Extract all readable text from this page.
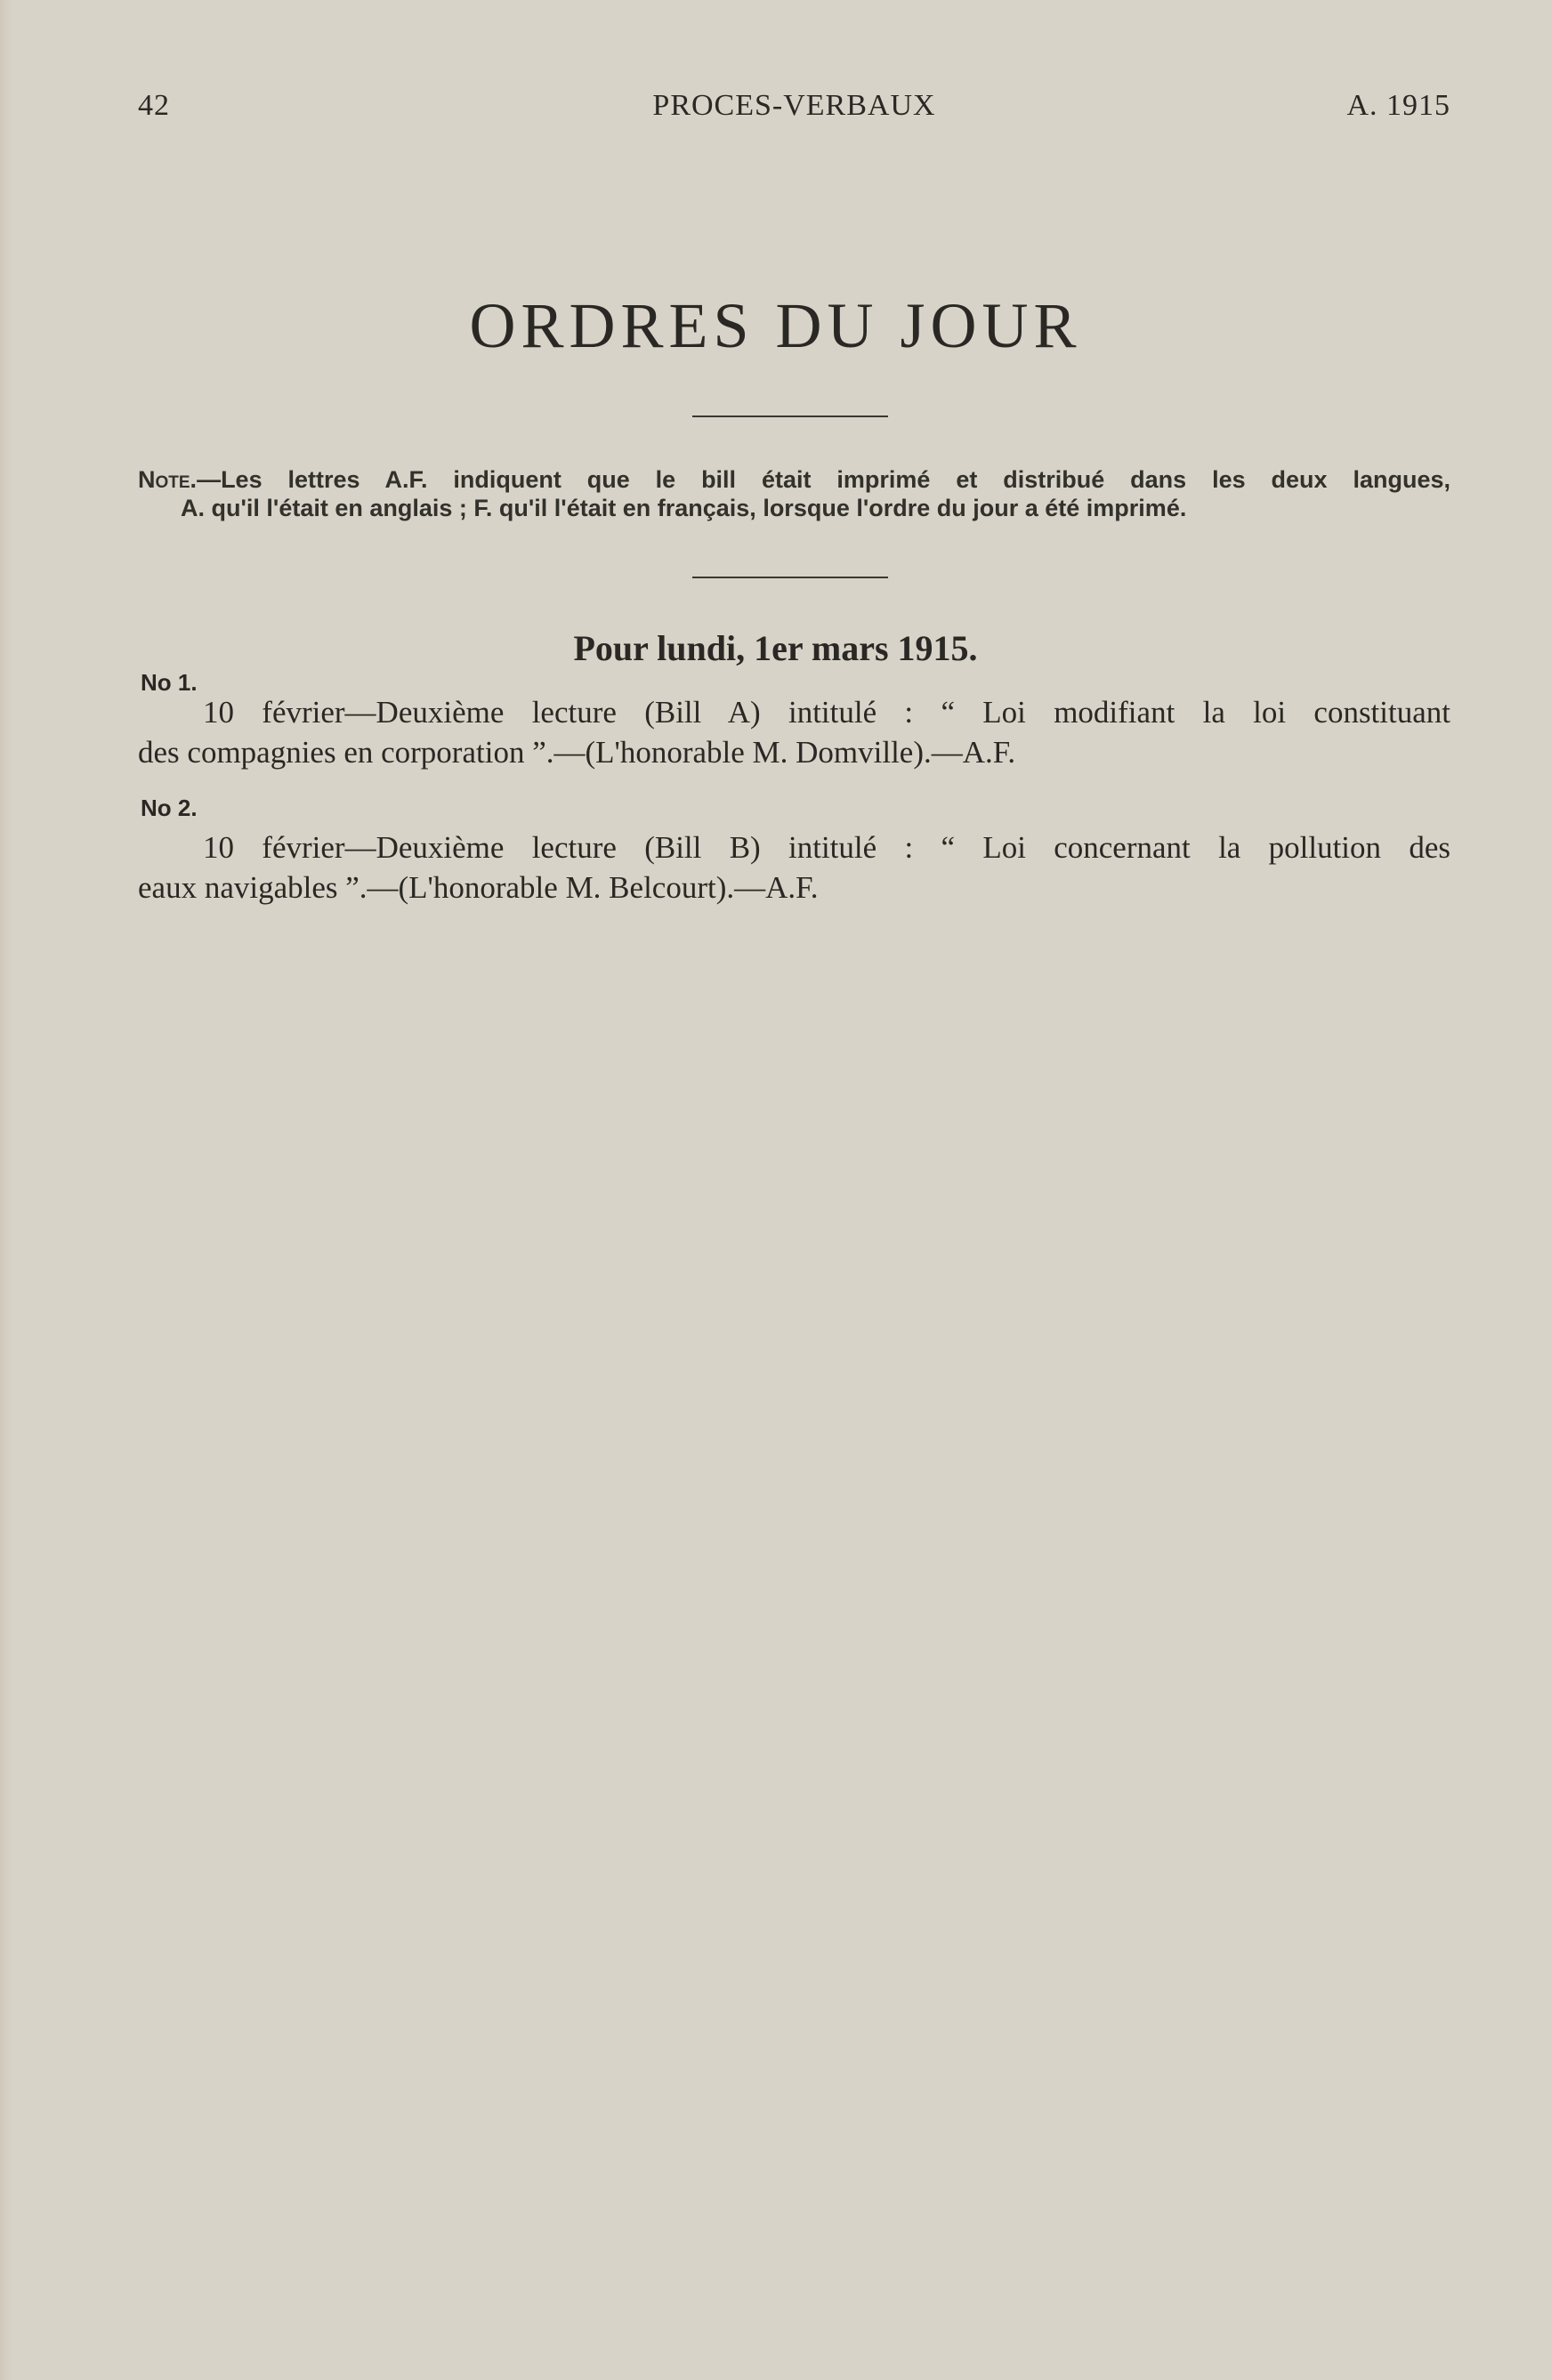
42	PROCES-VERBAUX	A. 1915
ORDRES DU JOUR
Note.—Les lettres A.F. indiquent que le bill était imprimé et distribué dans les deux langues,
A. qu'il l'était en anglais ; F. qu'il l'était en français, lorsque l'ordre du jour a été imprimé.
Pour lundi, 1er mars 1915.
No 1.
10 février—Deuxième lecture (Bill A) intitulé : “ Loi modifiant la loi constituant
des compagnies en corporation ”.—(L'honorable M. Domville).—A.F.
No 2.
10 février—Deuxième lecture (Bill B) intitulé : “ Loi concernant la pollution des
eaux navigables ”.—(L'honorable M. Belcourt).—A.F.
